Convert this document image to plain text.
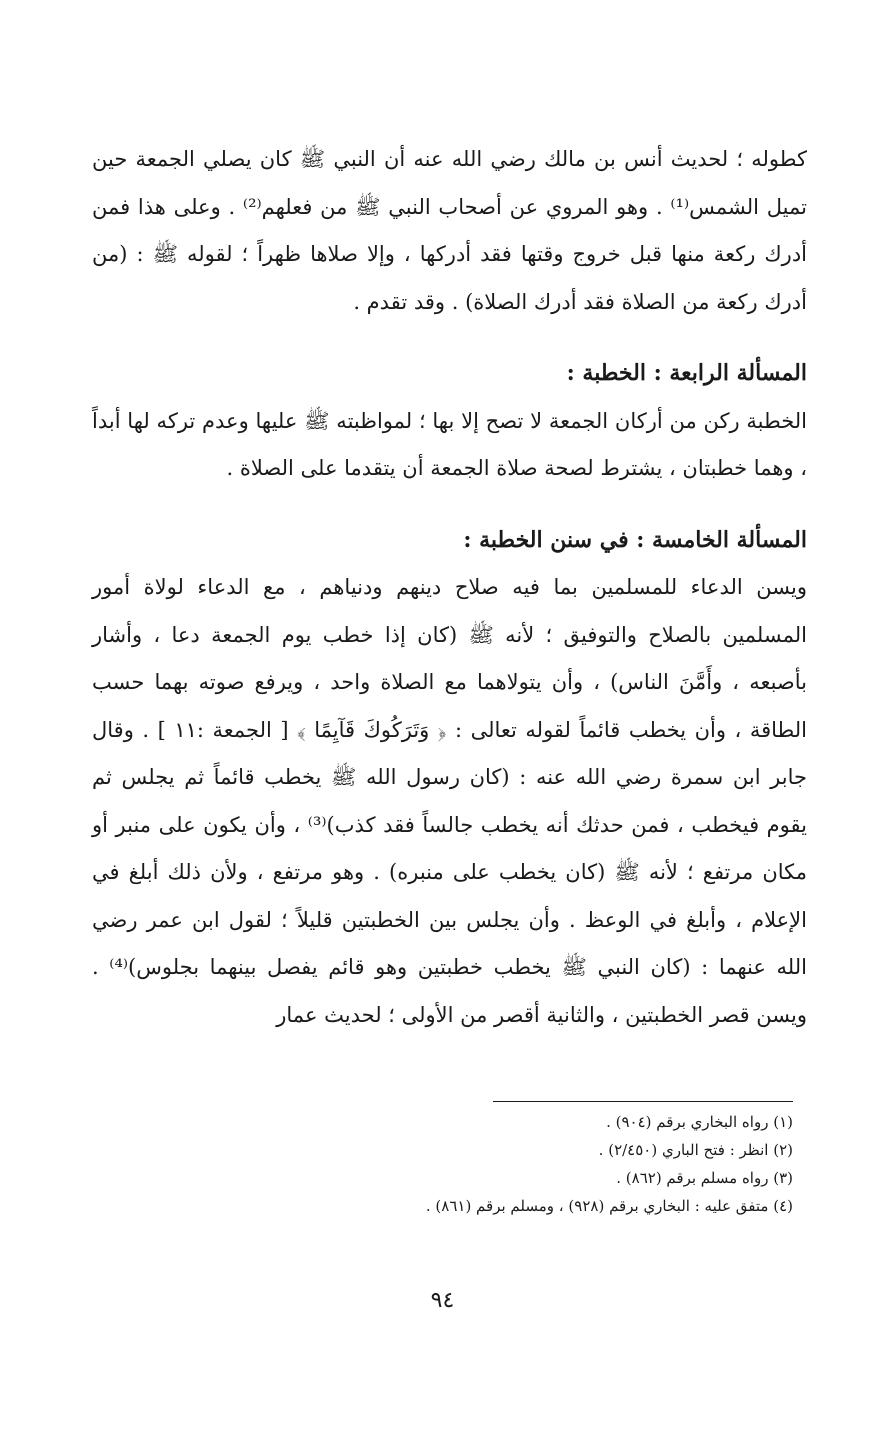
كطوله ؛ لحديث أنس بن مالك رضي الله عنه أن النبي ﷺ كان يصلي الجمعة حين تميل الشمس⁽¹⁾ . وهو المروي عن أصحاب النبي ﷺ من فعلهم⁽²⁾ . وعلى هذا فمن أدرك ركعة منها قبل خروج وقتها فقد أدركها ، وإلا صلاها ظهراً ؛ لقوله ﷺ : (من أدرك ركعة من الصلاة فقد أدرك الصلاة) . وقد تقدم .

المسألة الرابعة : الخطبة :

الخطبة ركن من أركان الجمعة لا تصح إلا بها ؛ لمواظبته ﷺ عليها وعدم تركه لها أبداً ، وهما خطبتان ، يشترط لصحة صلاة الجمعة أن يتقدما على الصلاة .

المسألة الخامسة : في سنن الخطبة :

ويسن الدعاء للمسلمين بما فيه صلاح دينهم ودنياهم ، مع الدعاء لولاة أمور المسلمين بالصلاح والتوفيق ؛ لأنه ﷺ (كان إذا خطب يوم الجمعة دعا ، وأشار بأصبعه ، وأَمَّنَ الناس) ، وأن يتولاهما مع الصلاة واحد ، ويرفع صوته بهما حسب الطاقة ، وأن يخطب قائماً لقوله تعالى : ﴿ وَتَرَكُوكَ قَآيِمًا ﴾ [ الجمعة :١١ ] . وقال جابر ابن سمرة رضي الله عنه : (كان رسول الله ﷺ يخطب قائماً ثم يجلس ثم يقوم فيخطب ، فمن حدثك أنه يخطب جالساً فقد كذب)⁽³⁾ ، وأن يكون على منبر أو مكان مرتفع ؛ لأنه ﷺ (كان يخطب على منبره) . وهو مرتفع ، ولأن ذلك أبلغ في الإعلام ، وأبلغ في الوعظ . وأن يجلس بين الخطبتين قليلاً ؛ لقول ابن عمر رضي الله عنهما : (كان النبي ﷺ يخطب خطبتين وهو قائم يفصل بينهما بجلوس)⁽⁴⁾ . ويسن قصر الخطبتين ، والثانية أقصر من الأولى ؛ لحديث عمار

(١) رواه البخاري برقم (٩٠٤) .
(٢) انظر : فتح الباري (٢/٤٥٠) .
(٣) رواه مسلم برقم (٨٦٢) .
(٤) متفق عليه : البخاري برقم (٩٢٨) ، ومسلم برقم (٨٦١) .
٩٤
